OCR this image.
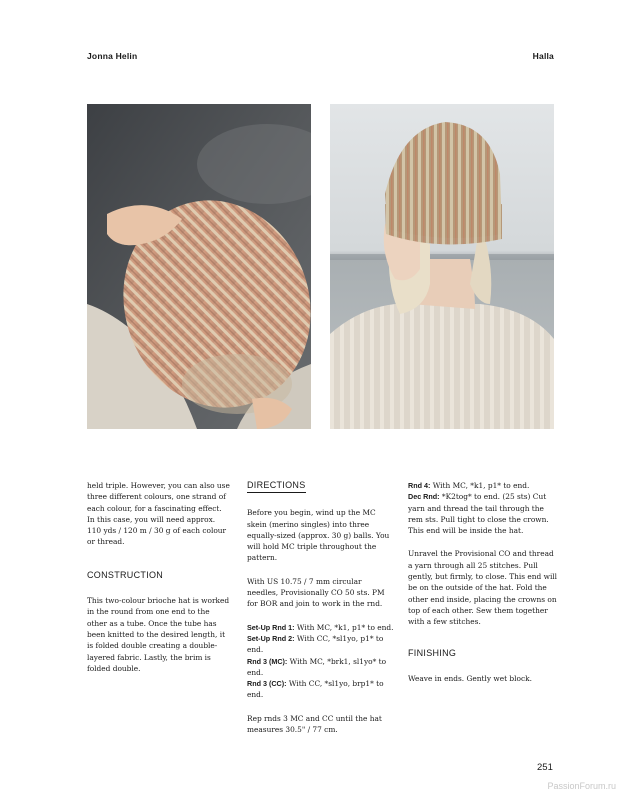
Jonna Helin	Halla

held triple. However, you can also use three different colours, one strand of each colour, for a fascinating effect. In this case, you will need approx. 110 yds / 120 m / 30 g of each colour or thread.

CONSTRUCTION

This two-colour brioche hat is worked in the round from one end to the other as a tube. Once the tube has been knitted to the desired length, it is folded double creating a double-layered fabric. Lastly, the brim is folded double.

DIRECTIONS

Before you begin, wind up the MC skein (merino singles) into three equally-sized (approx. 30 g) balls. You will hold MC triple throughout the pattern.

With US 10.75 / 7 mm circular needles, Provisionally CO 50 sts. PM for BOR and join to work in the rnd.

Set-Up Rnd 1: With MC, *k1, p1* to end.
Set-Up Rnd 2: With CC, *sl1yo, p1* to end.
Rnd 3 (MC): With MC, *brk1, sl1yo* to end.
Rnd 3 (CC): With CC, *sl1yo, brp1* to end.

Rep rnds 3 MC and CC until the hat measures 30.5" / 77 cm.

Rnd 4: With MC, *k1, p1* to end.
Dec Rnd: *K2tog* to end. (25 sts) Cut yarn and thread the tail through the rem sts. Pull tight to close the crown. This end will be inside the hat.

Unravel the Provisional CO and thread a yarn through all 25 stitches. Pull gently, but firmly, to close. This end will be on the outside of the hat. Fold the other end inside, placing the crowns on top of each other. Sew them together with a few stitches.

FINISHING

Weave in ends. Gently wet block.

251
PassionForum.ru
